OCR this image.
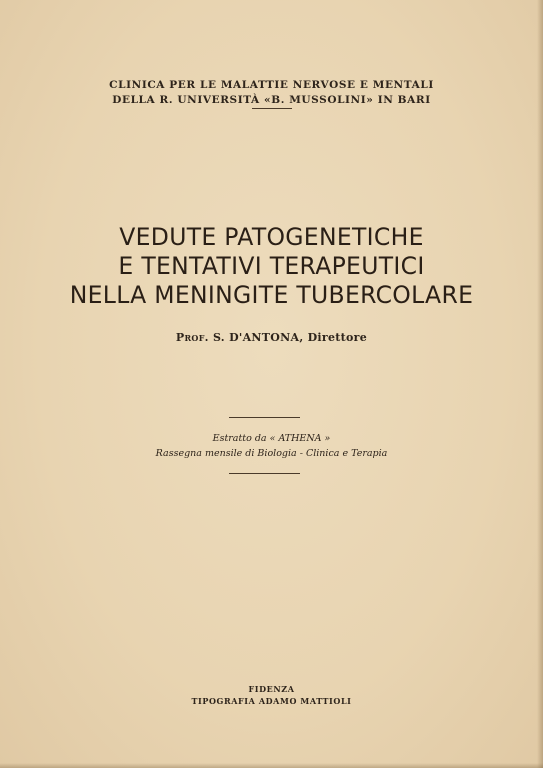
CLINICA PER LE MALATTIE NERVOSE E MENTALI
DELLA R. UNIVERSITÀ «B. MUSSOLINI» IN BARI
VEDUTE PATOGENETICHE
E TENTATIVI TERAPEUTICI
NELLA MENINGITE TUBERCOLARE
Prof. S. D'ANTONA, Direttore
Estratto da « ATHENA »
Rassegna mensile di Biologia - Clinica e Terapia
FIDENZA
TIPOGRAFIA ADAMO MATTIOLI
